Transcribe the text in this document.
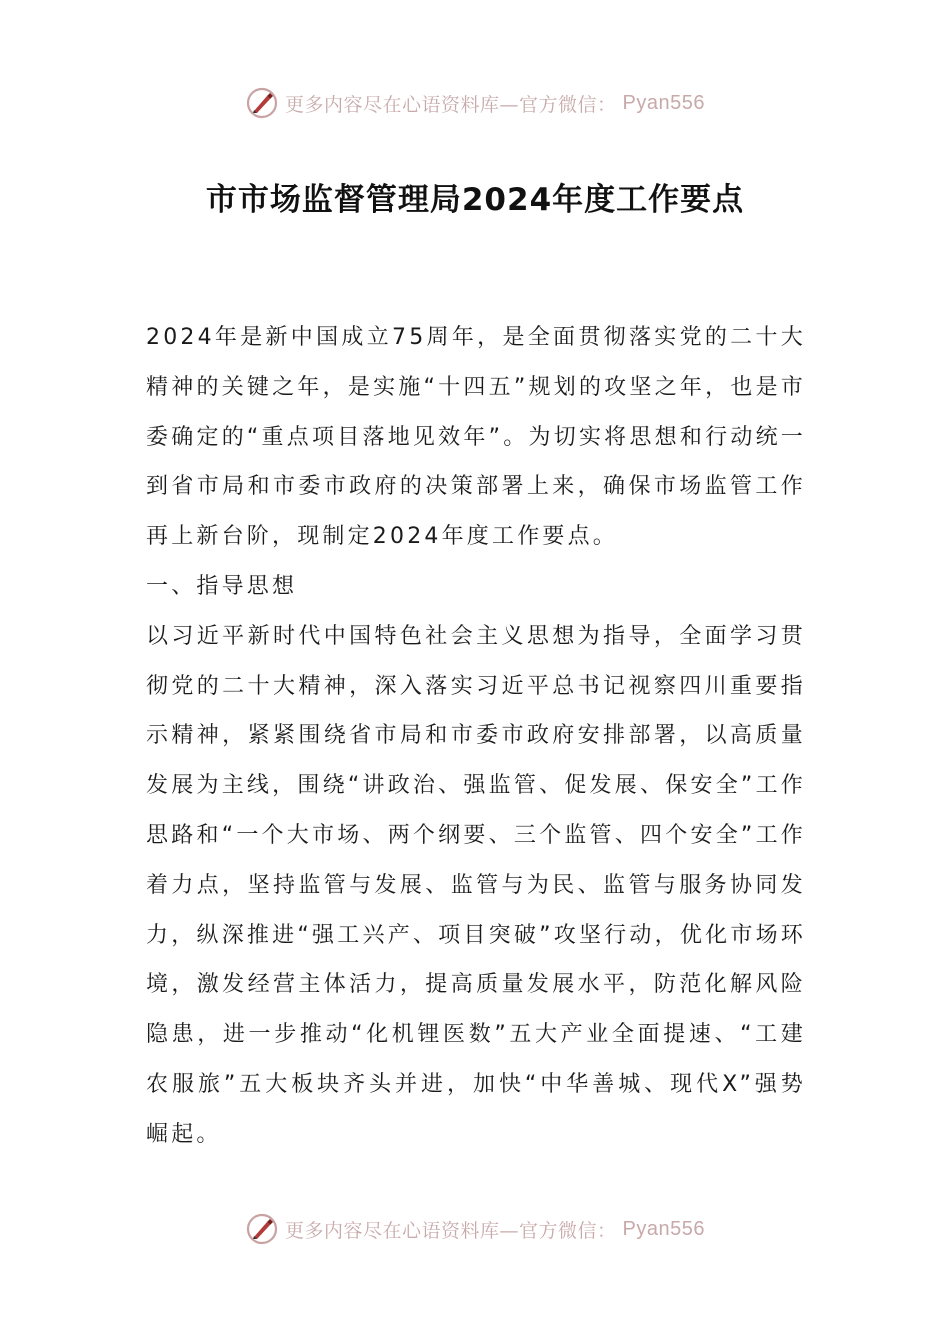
更多内容尽在心语资料库—官方微信： Pyan556
市市场监督管理局2024年度工作要点

2024年是新中国成立75周年，是全面贯彻落实党的二十大精神的关键之年，是实施“十四五”规划的攻坚之年，也是市委确定的“重点项目落地见效年”。为切实将思想和行动统一到省市局和市委市政府的决策部署上来，确保市场监管工作再上新台阶，现制定2024年度工作要点。

一、指导思想

以习近平新时代中国特色社会主义思想为指导，全面学习贯彻党的二十大精神，深入落实习近平总书记视察四川重要指示精神，紧紧围绕省市局和市委市政府安排部署，以高质量发展为主线，围绕“讲政治、强监管、促发展、保安全”工作思路和“一个大市场、两个纲要、三个监管、四个安全”工作着力点，坚持监管与发展、监管与为民、监管与服务协同发力，纵深推进“强工兴产、项目突破”攻坚行动，优化市场环境，激发经营主体活力，提高质量发展水平，防范化解风险隐患，进一步推动“化机锂医数”五大产业全面提速、“工建农服旅”五大板块齐头并进，加快“中华善城、现代X”强势崛起。

更多内容尽在心语资料库—官方微信： Pyan556
